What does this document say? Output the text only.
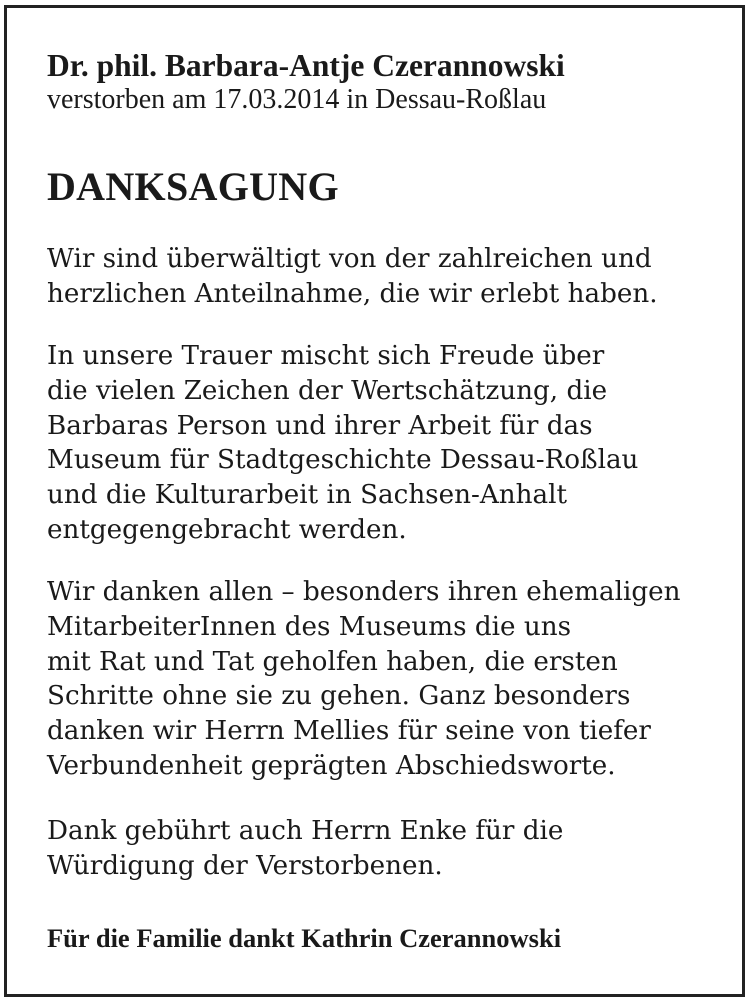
Dr. phil. Barbara-Antje Czerannowski

verstorben am 17.03.2014 in Dessau-Roßlau

DANKSAGUNG

Wir sind überwältigt von der zahlreichen und
herzlichen Anteilnahme, die wir erlebt haben.

In unsere Trauer mischt sich Freude über
die vielen Zeichen der Wertschätzung, die
Barbaras Person und ihrer Arbeit für das
Museum für Stadtgeschichte Dessau-Roßlau
und die Kulturarbeit in Sachsen-Anhalt
entgegengebracht werden.

Wir danken allen – besonders ihren ehemaligen
MitarbeiterInnen des Museums die uns
mit Rat und Tat geholfen haben, die ersten
Schritte ohne sie zu gehen. Ganz besonders
danken wir Herrn Mellies für seine von tiefer
Verbundenheit geprägten Abschiedsworte.

Dank gebührt auch Herrn Enke für die
Würdigung der Verstorbenen.

Für die Familie dankt Kathrin Czerannowski
